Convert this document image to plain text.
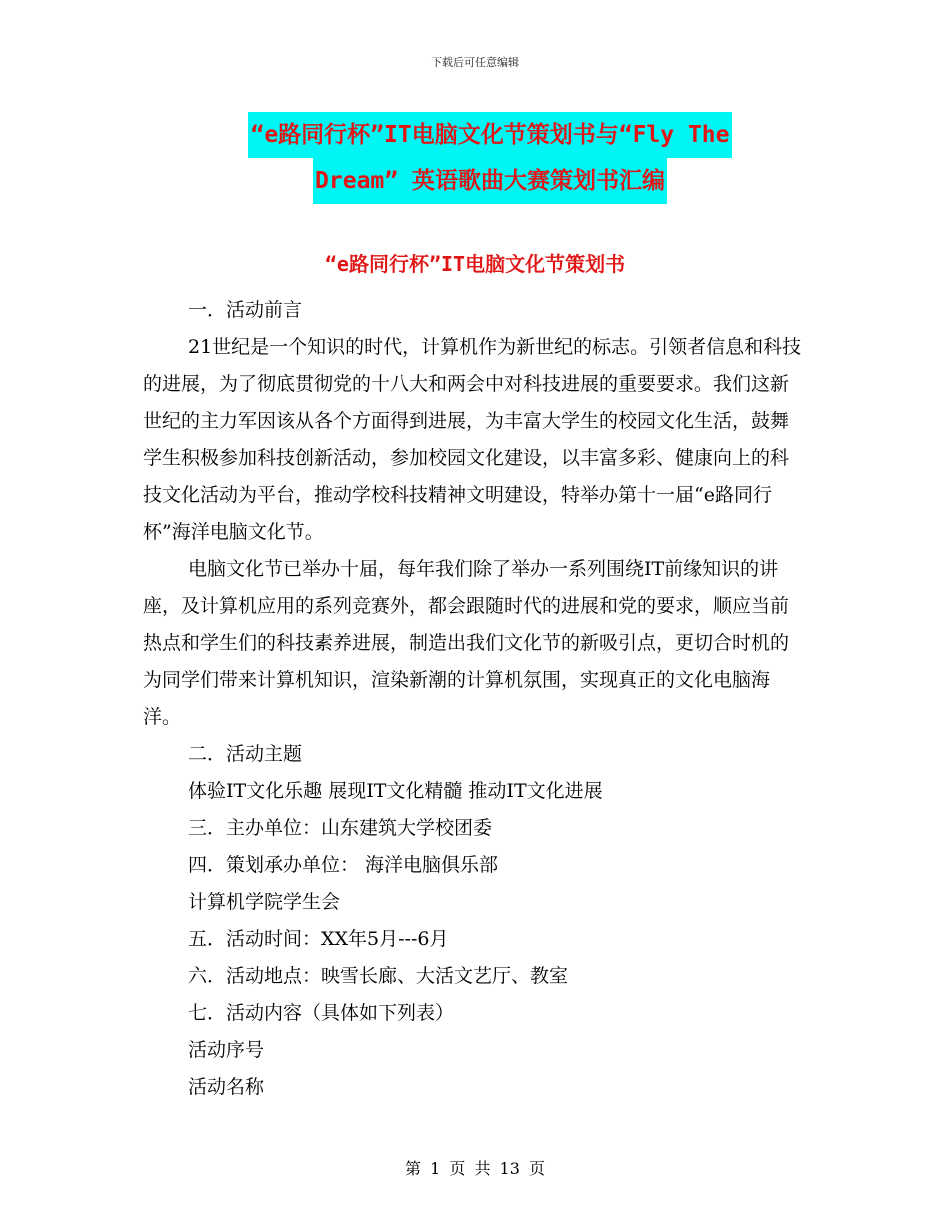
下载后可任意编辑
“e路同行杯”IT电脑文化节策划书与“Fly The
Dream” 英语歌曲大赛策划书汇编
“e路同行杯”IT电脑文化节策划书

一．活动前言

21世纪是一个知识的时代，计算机作为新世纪的标志。引领者信息和科技的进展，为了彻底贯彻党的十八大和两会中对科技进展的重要要求。我们这新世纪的主力军因该从各个方面得到进展，为丰富大学生的校园文化生活，鼓舞学生积极参加科技创新活动，参加校园文化建设，以丰富多彩、健康向上的科技文化活动为平台，推动学校科技精神文明建设，特举办第十一届“e路同行杯”海洋电脑文化节。

电脑文化节已举办十届，每年我们除了举办一系列围绕IT前缘知识的讲座，及计算机应用的系列竞赛外，都会跟随时代的进展和党的要求，顺应当前热点和学生们的科技素养进展，制造出我们文化节的新吸引点，更切合时机的为同学们带来计算机知识，渲染新潮的计算机氛围，实现真正的文化电脑海洋。

二．活动主题

体验IT文化乐趣 展现IT文化精髓 推动IT文化进展

三．主办单位：山东建筑大学校团委

四．策划承办单位： 海洋电脑俱乐部

计算机学院学生会

五．活动时间：XX年5月---6月

六．活动地点：映雪长廊、大活文艺厅、教室

七．活动内容（具体如下列表）

活动序号

活动名称

第 1 页 共 13 页
